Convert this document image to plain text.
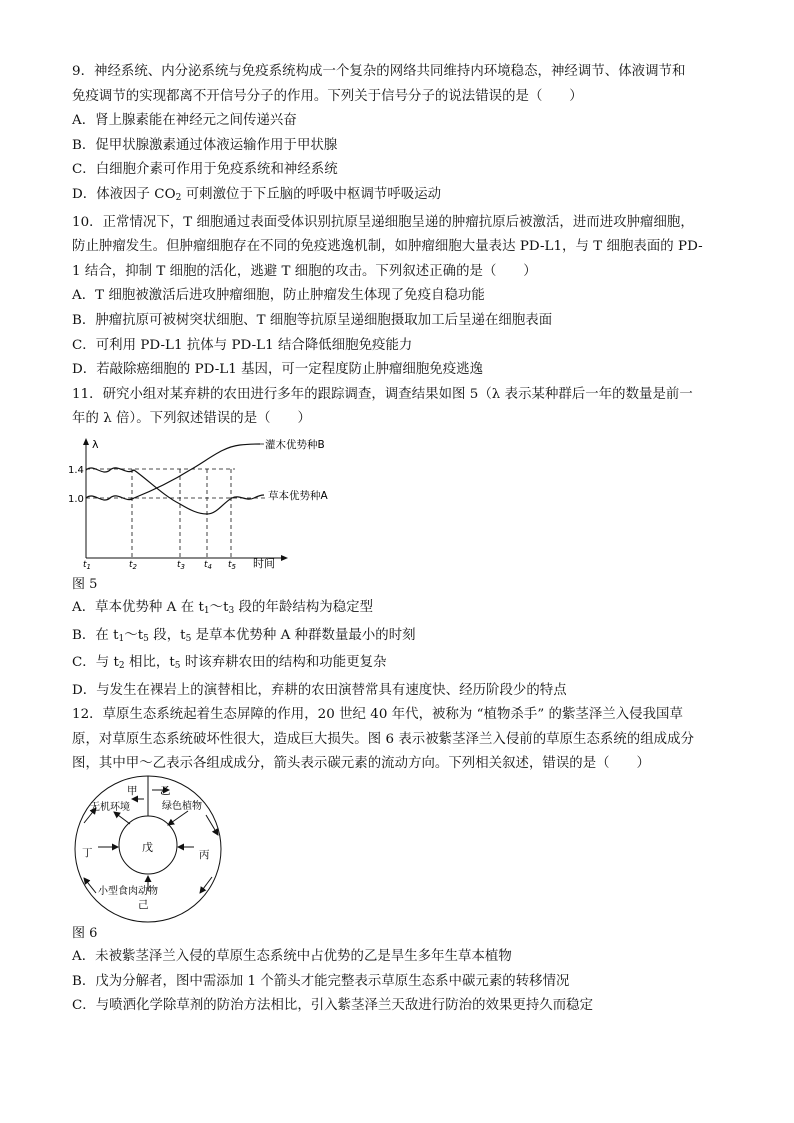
9．神经系统、内分泌系统与免疫系统构成一个复杂的网络共同维持内环境稳态，神经调节、体液调节和
免疫调节的实现都离不开信号分子的作用。下列关于信号分子的说法错误的是（　　）
A．肾上腺素能在神经元之间传递兴奋
B．促甲状腺激素通过体液运输作用于甲状腺
C．白细胞介素可作用于免疫系统和神经系统
D．体液因子 $CO_2$ 可刺激位于下丘脑的呼吸中枢调节呼吸运动
10．正常情况下，T 细胞通过表面受体识别抗原呈递细胞呈递的肿瘤抗原后被激活，进而进攻肿瘤细胞，
防止肿瘤发生。但肿瘤细胞存在不同的免疫逃逸机制，如肿瘤细胞大量表达 PD-L1，与 T 细胞表面的 PD-
1 结合，抑制 T 细胞的活化，逃避 T 细胞的攻击。下列叙述正确的是（　　）
A．T 细胞被激活后进攻肿瘤细胞，防止肿瘤发生体现了免疫自稳功能
B．肿瘤抗原可被树突状细胞、T 细胞等抗原呈递细胞摄取加工后呈递在细胞表面
C．可利用 PD-L1 抗体与 PD-L1 结合降低细胞免疫能力
D．若敲除癌细胞的 PD-L1 基因，可一定程度防止肿瘤细胞免疫逃逸
11．研究小组对某弃耕的农田进行多年的跟踪调查，调查结果如图 5（λ 表示某种群后一年的数量是前一
年的 λ 倍）。下列叙述错误的是（　　）
λ
时间
1.4
1.0
灌木优势种B
草本优势种A
$t_1$	$t_2$	$t_3$ $t_4$ $t_5$
图 5
A．草本优势种 A 在 $t_1\sim t_3$ 段的年龄结构为稳定型
B．在 $t_1\sim t_5$ 段，$t_5$ 是草本优势种 A 种群数量最小的时刻
C．与 $t_2$ 相比，$t_5$ 时该弃耕农田的结构和功能更复杂
D．与发生在裸岩上的演替相比，弃耕的农田演替常具有速度快、经历阶段少的特点
12．草原生态系统起着生态屏障的作用，20 世纪 40 年代，被称为 “植物杀手” 的紫茎泽兰入侵我国草
原，对草原生态系统破坏性很大，造成巨大损失。图 6 表示被紫茎泽兰入侵前的草原生态系统的组成成分
图，其中甲～乙表示各组成成分，箭头表示碳元素的流动方向。下列相关叙述，错误的是（　　）
甲 乙
无机环境	绿色植物
丁	丙
戊
小型食肉动物
己
图 6
A．未被紫茎泽兰入侵的草原生态系统中占优势的乙是旱生多年生草本植物
B．戊为分解者，图中需添加 1 个箭头才能完整表示草原生态系中碳元素的转移情况
C．与喷洒化学除草剂的防治方法相比，引入紫茎泽兰天敌进行防治的效果更持久而稳定
